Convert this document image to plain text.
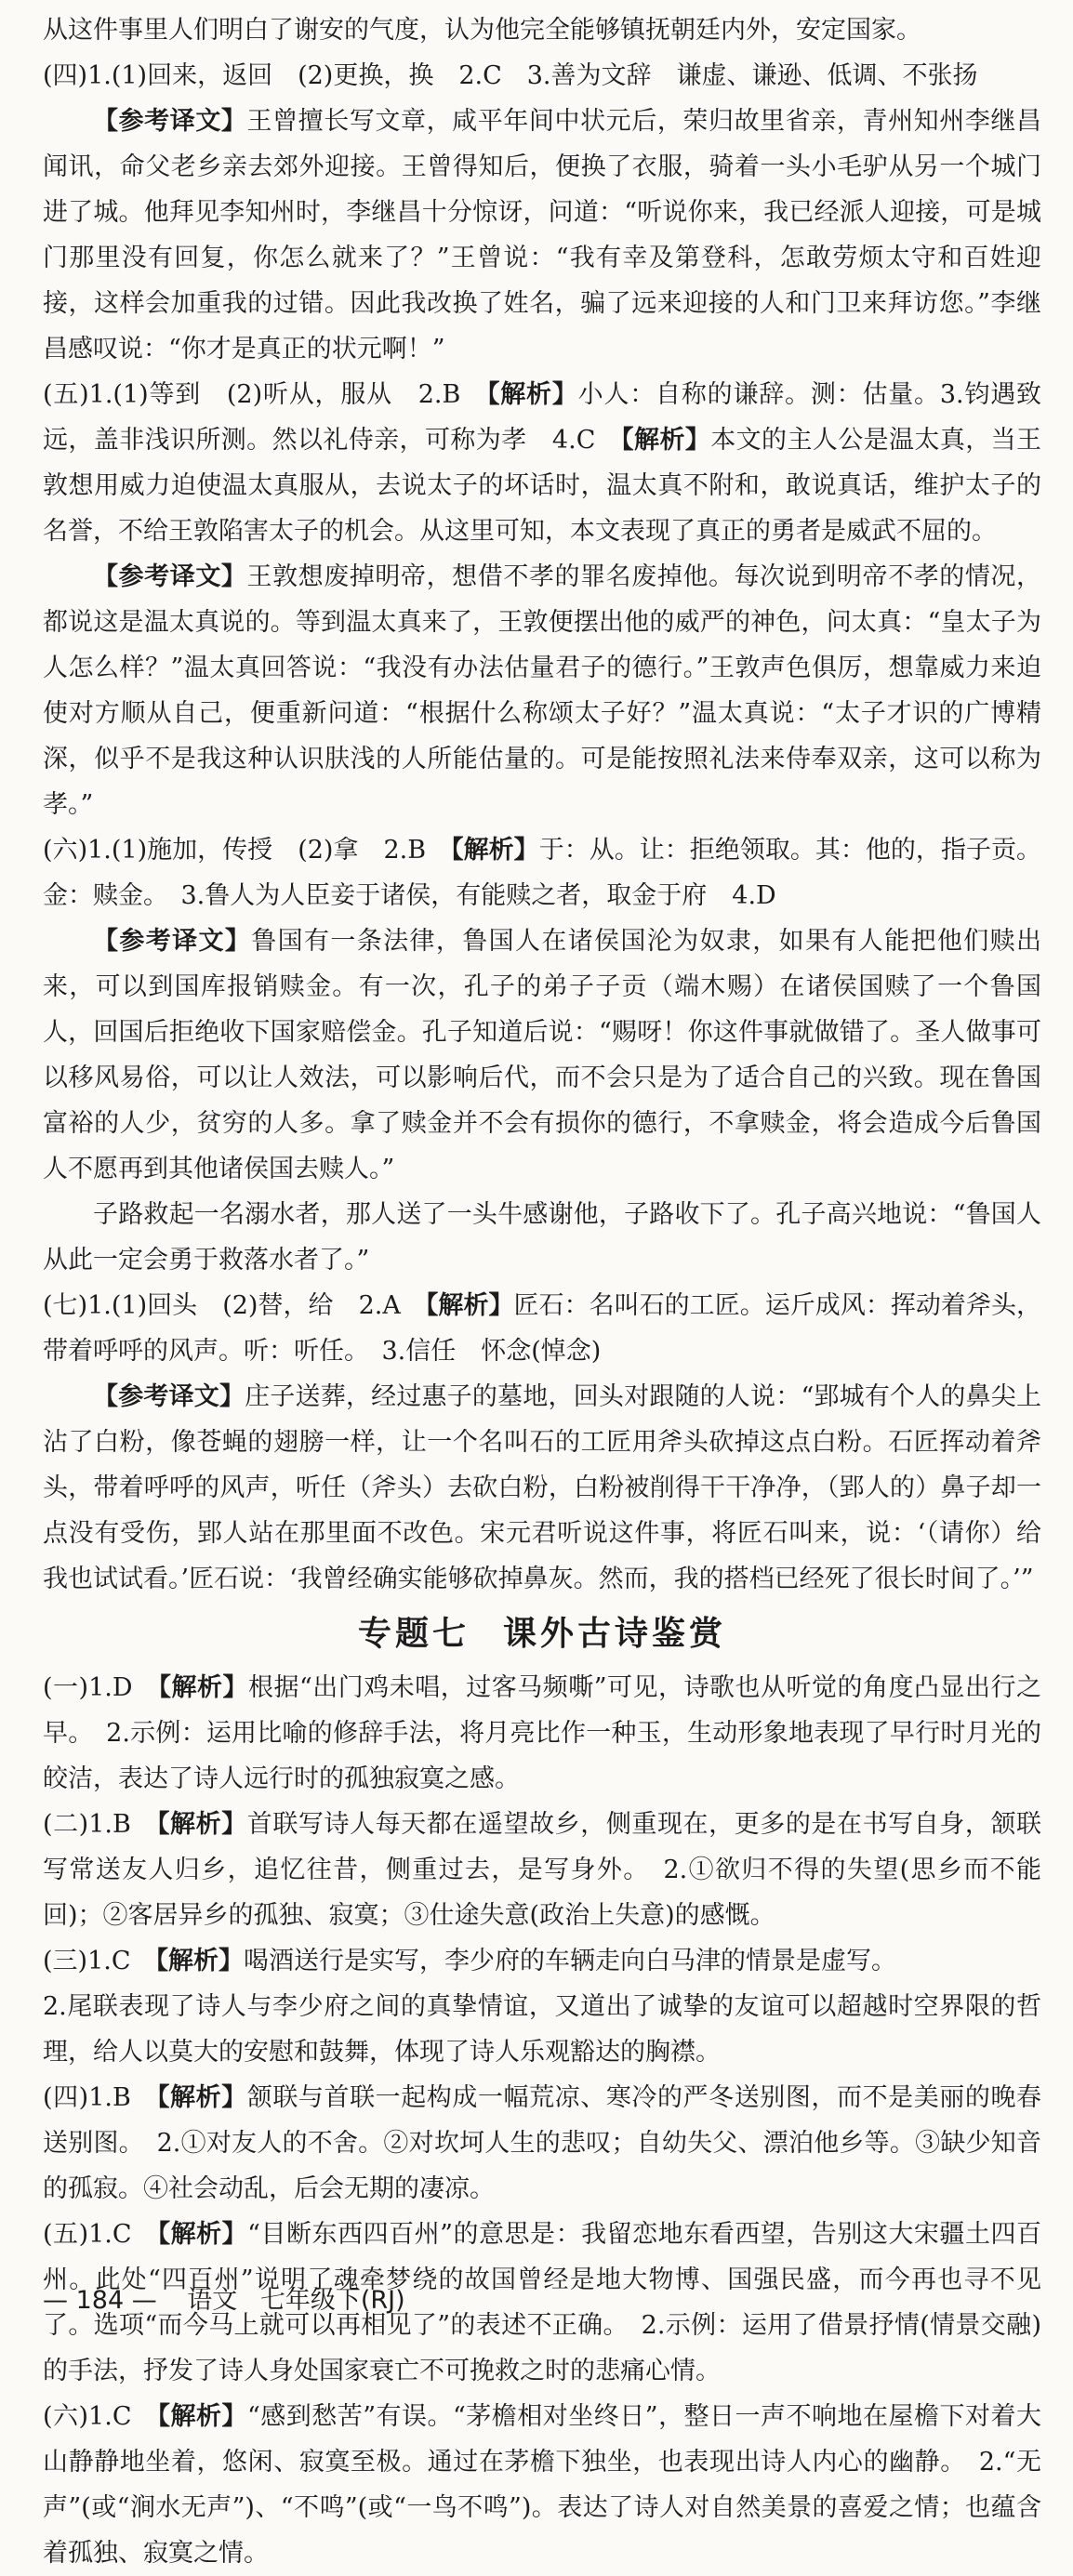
从这件事里人们明白了谢安的气度，认为他完全能够镇抚朝廷内外，安定国家。

(四)1.(1)回来，返回　(2)更换，换　2.C　3.善为文辞　谦虚、谦逊、低调、不张扬

【参考译文】王曾擅长写文章，咸平年间中状元后，荣归故里省亲，青州知州李继昌闻讯，命父老乡亲去郊外迎接。王曾得知后，便换了衣服，骑着一头小毛驴从另一个城门进了城。他拜见李知州时，李继昌十分惊讶，问道：“听说你来，我已经派人迎接，可是城门那里没有回复，你怎么就来了？”王曾说：“我有幸及第登科，怎敢劳烦太守和百姓迎接，这样会加重我的过错。因此我改换了姓名，骗了远来迎接的人和门卫来拜访您。”李继昌感叹说：“你才是真正的状元啊！”

(五)1.(1)等到　(2)听从，服从　2.B　【解析】小人：自称的谦辞。测：估量。3.钧遇致远，盖非浅识所测。然以礼侍亲，可称为孝　4.C　【解析】本文的主人公是温太真，当王敦想用威力迫使温太真服从，去说太子的坏话时，温太真不附和，敢说真话，维护太子的名誉，不给王敦陷害太子的机会。从这里可知，本文表现了真正的勇者是威武不屈的。

【参考译文】王敦想废掉明帝，想借不孝的罪名废掉他。每次说到明帝不孝的情况，都说这是温太真说的。等到温太真来了，王敦便摆出他的威严的神色，问太真：“皇太子为人怎么样？”温太真回答说：“我没有办法估量君子的德行。”王敦声色俱厉，想靠威力来迫使对方顺从自己，便重新问道：“根据什么称颂太子好？”温太真说：“太子才识的广博精深，似乎不是我这种认识肤浅的人所能估量的。可是能按照礼法来侍奉双亲，这可以称为孝。”

(六)1.(1)施加，传授　(2)拿　2.B　【解析】于：从。让：拒绝领取。其：他的，指子贡。金：赎金。　3.鲁人为人臣妾于诸侯，有能赎之者，取金于府　4.D

【参考译文】鲁国有一条法律，鲁国人在诸侯国沦为奴隶，如果有人能把他们赎出来，可以到国库报销赎金。有一次，孔子的弟子子贡（端木赐）在诸侯国赎了一个鲁国人，回国后拒绝收下国家赔偿金。孔子知道后说：“赐呀！你这件事就做错了。圣人做事可以移风易俗，可以让人效法，可以影响后代，而不会只是为了适合自己的兴致。现在鲁国富裕的人少，贫穷的人多。拿了赎金并不会有损你的德行，不拿赎金，将会造成今后鲁国人不愿再到其他诸侯国去赎人。”

子路救起一名溺水者，那人送了一头牛感谢他，子路收下了。孔子高兴地说：“鲁国人从此一定会勇于救落水者了。”

(七)1.(1)回头　(2)替，给　2.A　【解析】匠石：名叫石的工匠。运斤成风：挥动着斧头，带着呼呼的风声。听：听任。　3.信任　怀念(悼念)

【参考译文】庄子送葬，经过惠子的墓地，回头对跟随的人说：“郢城有个人的鼻尖上沾了白粉，像苍蝇的翅膀一样，让一个名叫石的工匠用斧头砍掉这点白粉。石匠挥动着斧头，带着呼呼的风声，听任（斧头）去砍白粉，白粉被削得干干净净，（郢人的）鼻子却一点没有受伤，郢人站在那里面不改色。宋元君听说这件事，将匠石叫来，说：‘（请你）给我也试试看。’匠石说：‘我曾经确实能够砍掉鼻灰。然而，我的搭档已经死了很长时间了。’”

专题七 课外古诗鉴赏

(一)1.D　【解析】根据“出门鸡未唱，过客马频嘶”可见，诗歌也从听觉的角度凸显出行之早。　2.示例：运用比喻的修辞手法，将月亮比作一种玉，生动形象地表现了早行时月光的皎洁，表达了诗人远行时的孤独寂寞之感。

(二)1.B　【解析】首联写诗人每天都在遥望故乡，侧重现在，更多的是在书写自身，颔联写常送友人归乡，追忆往昔，侧重过去，是写身外。　2.①欲归不得的失望(思乡而不能回)；②客居异乡的孤独、寂寞；③仕途失意(政治上失意)的感慨。

(三)1.C　【解析】喝酒送行是实写，李少府的车辆走向白马津的情景是虚写。

2.尾联表现了诗人与李少府之间的真挚情谊，又道出了诚挚的友谊可以超越时空界限的哲理，给人以莫大的安慰和鼓舞，体现了诗人乐观豁达的胸襟。

(四)1.B　【解析】颔联与首联一起构成一幅荒凉、寒冷的严冬送别图，而不是美丽的晚春送别图。　2.①对友人的不舍。②对坎坷人生的悲叹；自幼失父、漂泊他乡等。③缺少知音的孤寂。④社会动乱，后会无期的凄凉。

(五)1.C　【解析】“目断东西四百州”的意思是：我留恋地东看西望，告别这大宋疆土四百州。此处“四百州”说明了魂牵梦绕的故国曾经是地大物博、国强民盛，而今再也寻不见了。选项“而今马上就可以再相见了”的表述不正确。　2.示例：运用了借景抒情(情景交融)的手法，抒发了诗人身处国家衰亡不可挽救之时的悲痛心情。

(六)1.C　【解析】“感到愁苦”有误。“茅檐相对坐终日”，整日一声不响地在屋檐下对着大山静静地坐着，悠闲、寂寞至极。通过在茅檐下独坐，也表现出诗人内心的幽静。　2.“无声”(或“涧水无声”)、“不鸣”(或“一鸟不鸣”)。表达了诗人对自然美景的喜爱之情；也蕴含着孤独、寂寞之情。

— 184 — 语文 七年级下(RJ)
